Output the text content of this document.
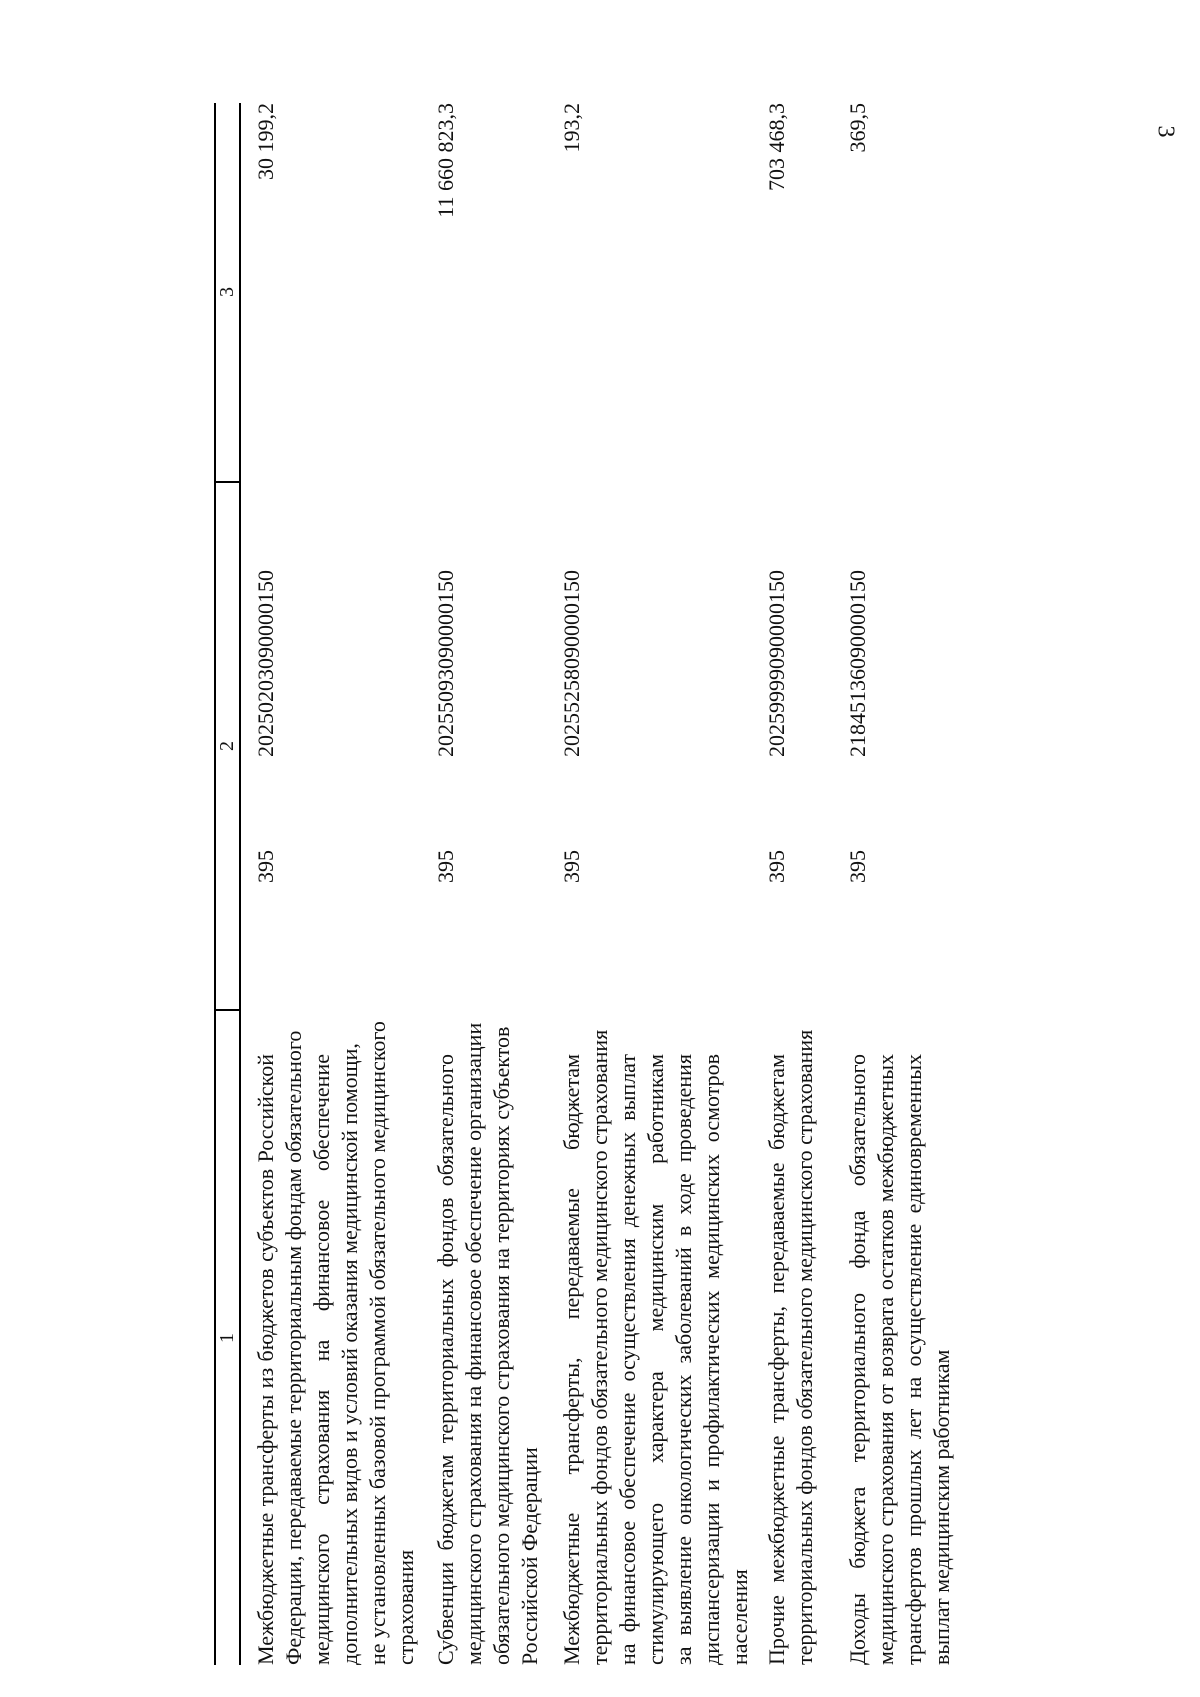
3
1
2
3
Межбюджетные трансферты из бюджетов субъектов Российской Федерации, передаваемые территориальным фондам обязательного медицинского страхования на финансовое обеспечение дополнительных видов и условий оказания медицинской помощи, не установленных базовой программой обязательного медицинского страхования
395
20250203090000150
30 199,2
Субвенции бюджетам территориальных фондов обязательного медицинского страхования на финансовое обеспечение организации обязательного медицинского страхования на территориях субъектов Российской Федерации
395
20255093090000150
11 660 823,3
Межбюджетные трансферты, передаваемые бюджетам территориальных фондов обязательного медицинского страхования на финансовое обеспечение осуществления денежных выплат стимулирующего характера медицинским работникам за выявление онкологических заболеваний в ходе проведения диспансеризации и профилактических медицинских осмотров населения
395
20255258090000150
193,2
Прочие межбюджетные трансферты, передаваемые бюджетам территориальных фондов обязательного медицинского страхования
395
20259999090000150
703 468,3
Доходы бюджета территориального фонда обязательного медицинского страхования от возврата остатков межбюджетных трансфертов прошлых лет на осуществление единовременных выплат медицинским работникам
395
21845136090000150
369,5
